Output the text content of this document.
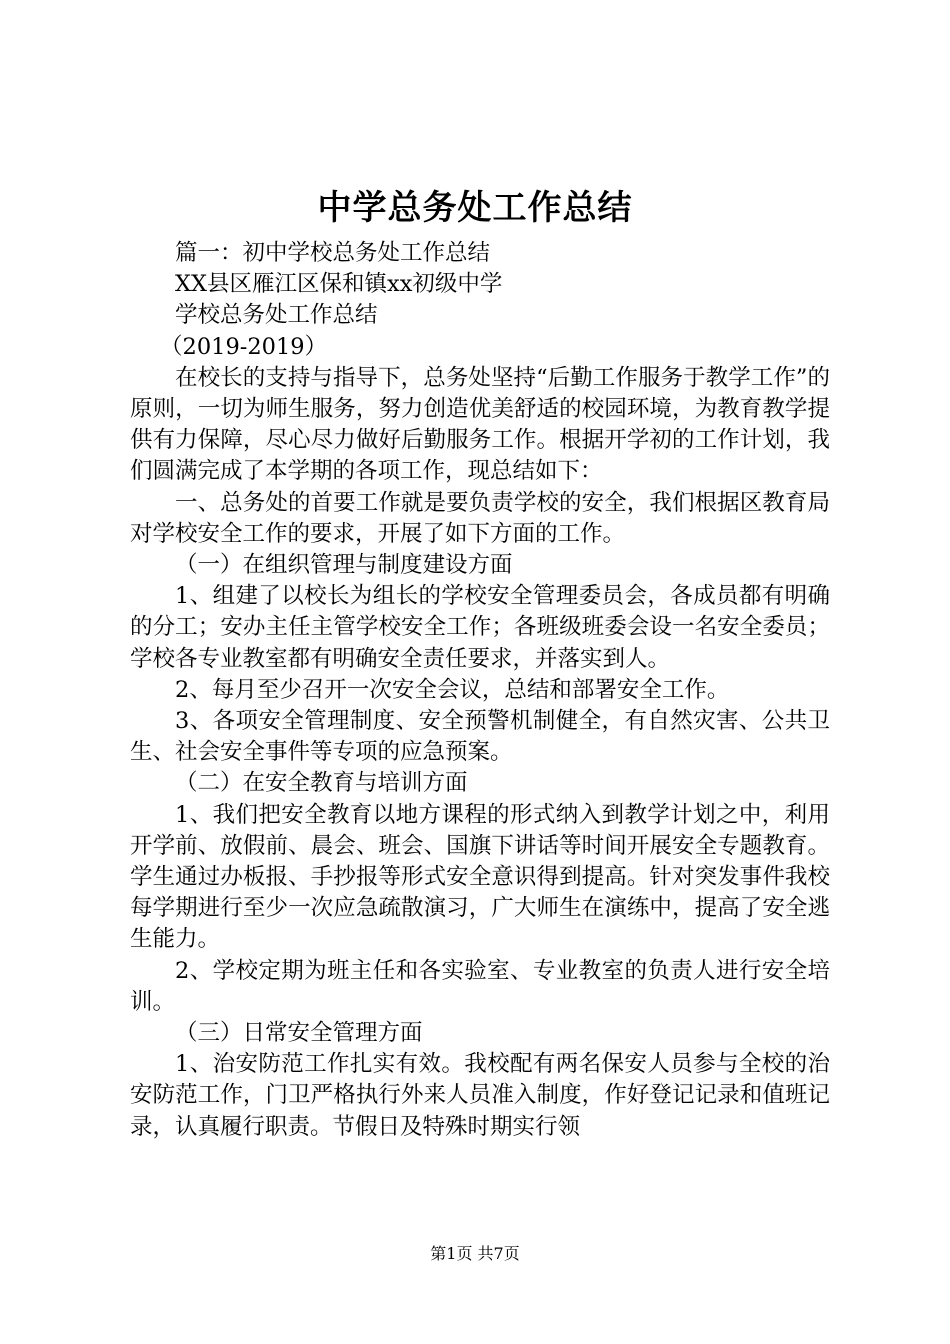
中学总务处工作总结

篇一：初中学校总务处工作总结

XX县区雁江区保和镇xx初级中学

学校总务处工作总结

（2019-2019）

在校长的支持与指导下，总务处坚持“后勤工作服务于教学工作”的原则，一切为师生服务，努力创造优美舒适的校园环境，为教育教学提供有力保障，尽心尽力做好后勤服务工作。根据开学初的工作计划，我们圆满完成了本学期的各项工作，现总结如下：

一、总务处的首要工作就是要负责学校的安全，我们根据区教育局对学校安全工作的要求，开展了如下方面的工作。

（一）在组织管理与制度建设方面

1、组建了以校长为组长的学校安全管理委员会，各成员都有明确的分工；安办主任主管学校安全工作；各班级班委会设一名安全委员；学校各专业教室都有明确安全责任要求，并落实到人。

2、每月至少召开一次安全会议，总结和部署安全工作。

3、各项安全管理制度、安全预警机制健全，有自然灾害、公共卫生、社会安全事件等专项的应急预案。

（二）在安全教育与培训方面

1、我们把安全教育以地方课程的形式纳入到教学计划之中，利用开学前、放假前、晨会、班会、国旗下讲话等时间开展安全专题教育。学生通过办板报、手抄报等形式安全意识得到提高。针对突发事件我校每学期进行至少一次应急疏散演习，广大师生在演练中，提高了安全逃生能力。

2、学校定期为班主任和各实验室、专业教室的负责人进行安全培训。

（三）日常安全管理方面

1、治安防范工作扎实有效。我校配有两名保安人员参与全校的治安防范工作，门卫严格执行外来人员准入制度，作好登记记录和值班记录，认真履行职责。节假日及特殊时期实行领

第1页 共7页
